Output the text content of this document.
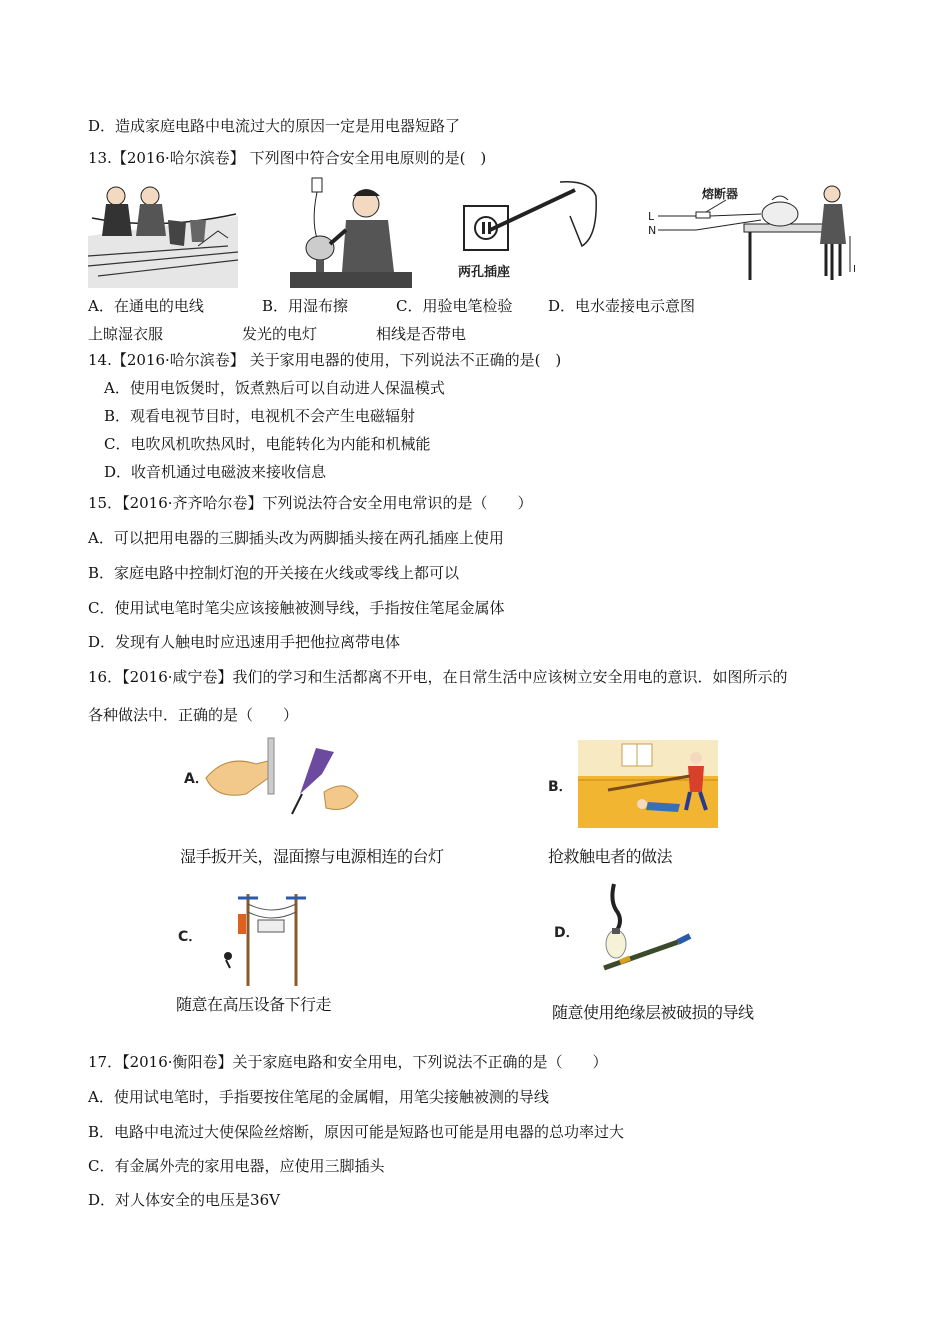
D．造成家庭电路中电流过大的原因一定是用电器短路了
13.【2016·哈尔滨卷】 下列图中符合安全用电原则的是(　)
两孔插座
L
N
熔断器
I
A．在通电的电线	B．用湿布擦	C．用验电笔检验 D．电水壶接电示意图
上晾湿衣服	发光的电灯	相线是否带电
14.【2016·哈尔滨卷】 关于家用电器的使用，下列说法不正确的是(　)
A．使用电饭煲时，饭煮熟后可以自动进人保温模式
B．观看电视节目时，电视机不会产生电磁辐射
C．电吹风机吹热风时，电能转化为内能和机械能
D．收音机通过电磁波来接收信息
15．【2016·齐齐哈尔卷】下列说法符合安全用电常识的是（　　）
A．可以把用电器的三脚插头改为两脚插头接在两孔插座上使用
B．家庭电路中控制灯泡的开关接在火线或零线上都可以
C．使用试电笔时笔尖应该接触被测导线，手指按住笔尾金属体
D．发现有人触电时应迅速用手把他拉离带电体
16．【2016·咸宁卷】我们的学习和生活都离不开电，在日常生活中应该树立安全用电的意识．如图所示的
各种做法中．正确的是（　　）
A．
湿手扳开关，湿面擦与电源相连的台灯
B．
抢救触电者的做法
C．
随意在高压设备下行走
D．
随意使用绝缘层被破损的导线
17．【2016·衡阳卷】关于家庭电路和安全用电，下列说法不正确的是（　　）
A．使用试电笔时，手指要按住笔尾的金属帽，用笔尖接触被测的导线
B．电路中电流过大使保险丝熔断，原因可能是短路也可能是用电器的总功率过大
C．有金属外壳的家用电器，应使用三脚插头
D．对人体安全的电压是36V
